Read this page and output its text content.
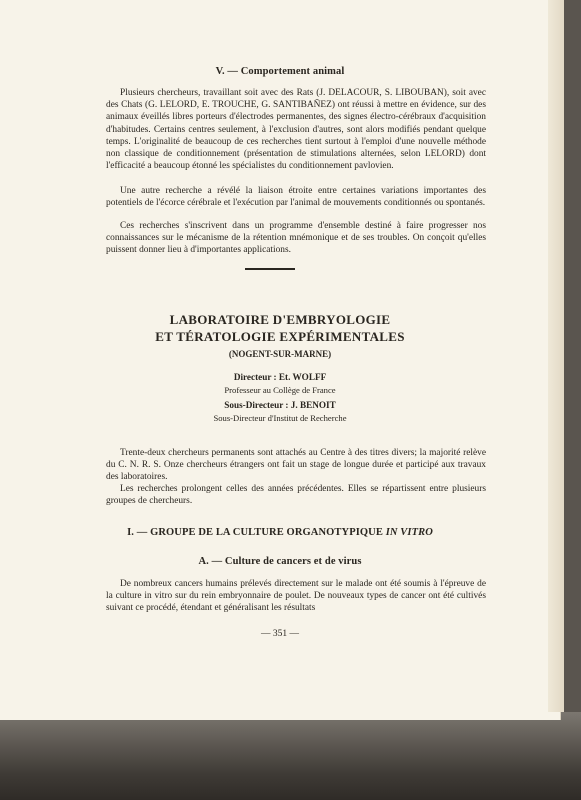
V. — Comportement animal
Plusieurs chercheurs, travaillant soit avec des Rats (J. DELACOUR, S. LIBOUBAN), soit avec des Chats (G. LELORD, E. TROUCHE, G. SANTIBAÑEZ) ont réussi à mettre en évidence, sur des animaux éveillés libres porteurs d'électrodes permanentes, des signes électro-cérébraux d'acquisition d'habitudes. Certains centres seulement, à l'exclusion d'autres, sont alors modifiés pendant quelque temps. L'originalité de beaucoup de ces recherches tient surtout à l'emploi d'une nouvelle méthode non classique de conditionnement (présentation de stimulations alternées, selon LELORD) dont l'efficacité a beaucoup étonné les spécialistes du conditionnement pavlovien.
Une autre recherche a révélé la liaison étroite entre certaines variations importantes des potentiels de l'écorce cérébrale et l'exécution par l'animal de mouvements conditionnés ou spontanés.
Ces recherches s'inscrivent dans un programme d'ensemble destiné à faire progresser nos connaissances sur le mécanisme de la rétention mnémonique et de ses troubles. On conçoit qu'elles puissent donner lieu à d'importantes applications.
LABORATOIRE D'EMBRYOLOGIE
ET TÉRATOLOGIE EXPÉRIMENTALES
(NOGENT-SUR-MARNE)
Directeur : Et. WOLFF
Professeur au Collège de France
Sous-Directeur : J. BENOIT
Sous-Directeur d'Institut de Recherche
Trente-deux chercheurs permanents sont attachés au Centre à des titres divers; la majorité relève du C. N. R. S. Onze chercheurs étrangers ont fait un stage de longue durée et participé aux travaux des laboratoires.
Les recherches prolongent celles des années précédentes. Elles se répartissent entre plusieurs groupes de chercheurs.
I. — GROUPE DE LA CULTURE ORGANOTYPIQUE IN VITRO
A. — Culture de cancers et de virus
De nombreux cancers humains prélevés directement sur le malade ont été soumis à l'épreuve de la culture in vitro sur du rein embryonnaire de poulet. De nouveaux types de cancer ont été cultivés suivant ce procédé, étendant et généralisant les résultats
— 351 —
